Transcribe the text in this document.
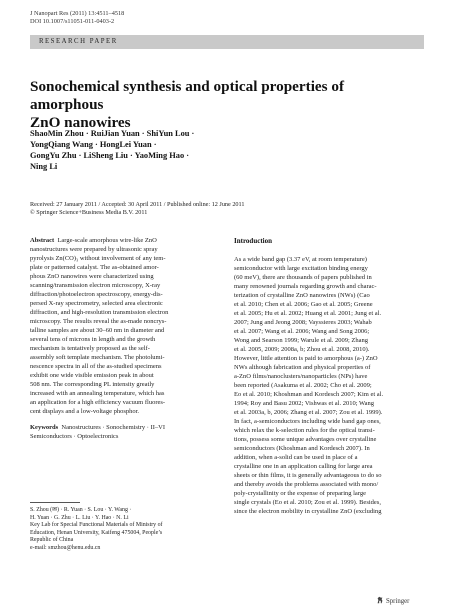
J Nanopart Res (2011) 13:4511–4518
DOI 10.1007/s11051-011-0403-2
RESEARCH PAPER
Sonochemical synthesis and optical properties of amorphous
ZnO nanowires
ShaoMin Zhou · RuiJian Yuan · ShiYun Lou ·
YongQiang Wang · HongLei Yuan ·
GongYu Zhu · LiSheng Liu · YaoMing Hao ·
Ning Li
Received: 27 January 2011 / Accepted: 30 April 2011 / Published online: 12 June 2011
© Springer Science+Business Media B.V. 2011
Abstract Large-scale amorphous wire-like ZnO
nanostructures were prepared by ultrasonic spray
pyrolysis Zn(CO)₃ without involvement of any tem-
plate or patterned catalyst. The as-obtained amor-
phous ZnO nanowires were characterized using
scanning/transmission electron microscopy, X-ray
diffraction/photoelectron spectroscopy, energy-dis-
persed X-ray spectrometry, selected area electronic
diffraction, and high-resolution transmission electron
microscopy. The results reveal the as-made noncrys-
talline samples are about 30–60 nm in diameter and
several tens of microns in length and the growth
mechanism is tentatively proposed as the self-
assembly soft template mechanism. The photolumi-
nescence spectra in all of the as-studied specimens
exhibit one wide visible emission peak in about
508 nm. The corresponding PL intensity greatly
increased with an annealing temperature, which has
an application for a high efficiency vacuum fluores-
cent displays and a low-voltage phosphor.
Keywords Nanostructures · Sonochemistry · II–VI
Semiconductors · Optoelectronics
S. Zhou (✉) · R. Yuan · S. Lou · Y. Wang ·
H. Yuan · G. Zhu · L. Liu · Y. Hao · N. Li
Key Lab for Special Functional Materials of Ministry of
Education, Henan University, Kaifeng 475004, People’s
Republic of China
e-mail: smzhou@henu.edu.cn
Introduction
As a wide band gap (3.37 eV, at room temperature)
semiconductor with large excitation binding energy
(60 meV), there are thousands of papers published in
many renowned journals regarding growth and charac-
terization of crystalline ZnO nanowires (NWs) (Cao
et al. 2010; Chen et al. 2006; Gao et al. 2005; Greene
et al. 2005; Hu et al. 2002; Huang et al. 2001; Jung et al.
2007; Jung and Jeong 2008; Vayssieres 2003; Wahab
et al. 2007; Wang et al. 2006; Wang and Song 2006;
Wong and Searson 1999; Warule et al. 2009; Zhang
et al. 2005, 2009; 2008a, b; Zhou et al. 2008, 2010).
However, little attention is paid to amorphous (a-) ZnO
NWs although fabrication and physical properties of
a-ZnO films/nanoclusters/nanoparticles (NPs) have
been reported (Asakuma et al. 2002; Cho et al. 2009;
Eo et al. 2010; Khoshman and Kordesch 2007; Kim et al.
1994; Roy and Basu 2002; Vishwas et al. 2010; Wang
et al. 2003a, b, 2006; Zhang et al. 2007; Zou et al. 1999).
In fact, a-semiconductors including wide band gap ones,
which relax the k-selection rules for the optical transi-
tions, possess some unique advantages over crystalline
semiconductors (Khoshman and Kordesch 2007). In
addition, when a-solid can be used in place of a
crystalline one in an application calling for large area
sheets or thin films, it is generally advantageous to do so
and thereby avoids the problems associated with mono/
poly-crystallinity or the expense of preparing large
single crystals (Eo et al. 2010; Zou et al. 1999). Besides,
since the electron mobility in crystalline ZnO (excluding
Springer
